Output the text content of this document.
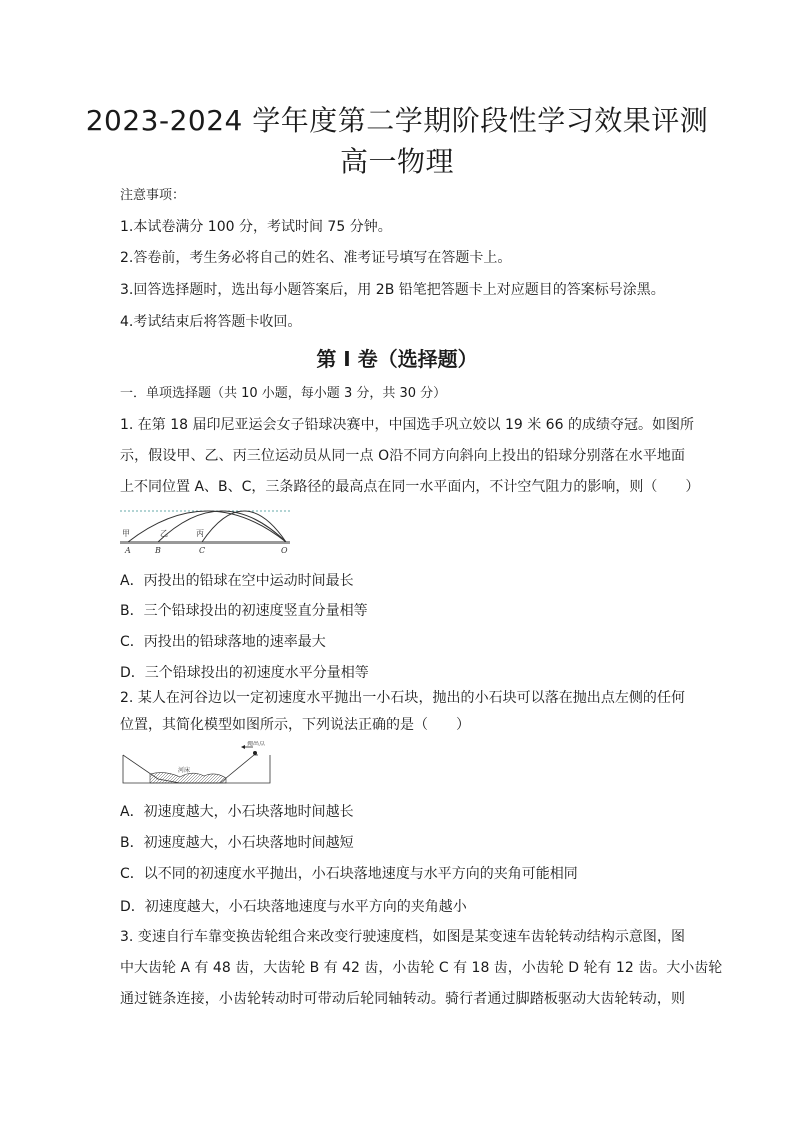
2023-2024 学年度第二学期阶段性学习效果评测
高一物理
注意事项：
1.本试卷满分 100 分，考试时间 75 分钟。
2.答卷前，考生务必将自己的姓名、准考证号填写在答题卡上。
3.回答选择题时，选出每小题答案后，用 2B 铅笔把答题卡上对应题目的答案标号涂黑。
4.考试结束后将答题卡收回。
第 I 卷（选择题）
一．单项选择题（共 10 小题，每小题 3 分，共 30 分）
1. 在第 18 届印尼亚运会女子铅球决赛中，中国选手巩立姣以 19 米 66 的成绩夺冠。如图所
示，假设甲、乙、丙三位运动员从同一点 O沿不同方向斜向上投出的铅球分别落在水平地面
上不同位置 A、B、C，三条路径的最高点在同一水平面内，不计空气阻力的影响，则（　　）
甲	乙	丙
A	B	C	O
A．丙投出的铅球在空中运动时间最长
B．三个铅球投出的初速度竖直分量相等
C．丙投出的铅球落地的速率最大
D．三个铅球投出的初速度水平分量相等
2. 某人在河谷边以一定初速度水平抛出一小石块，抛出的小石块可以落在抛出点左侧的任何
位置，其简化模型如图所示，下列说法正确的是（　　）
抛出点
河床
A．初速度越大，小石块落地时间越长
B．初速度越大，小石块落地时间越短
C．以不同的初速度水平抛出，小石块落地速度与水平方向的夹角可能相同
D．初速度越大，小石块落地速度与水平方向的夹角越小
3. 变速自行车靠变换齿轮组合来改变行驶速度档，如图是某变速车齿轮转动结构示意图，图
中大齿轮 A 有 48 齿，大齿轮 B 有 42 齿，小齿轮 C 有 18 齿，小齿轮 D 轮有 12 齿。大小齿轮
通过链条连接，小齿轮转动时可带动后轮同轴转动。骑行者通过脚踏板驱动大齿轮转动，则
